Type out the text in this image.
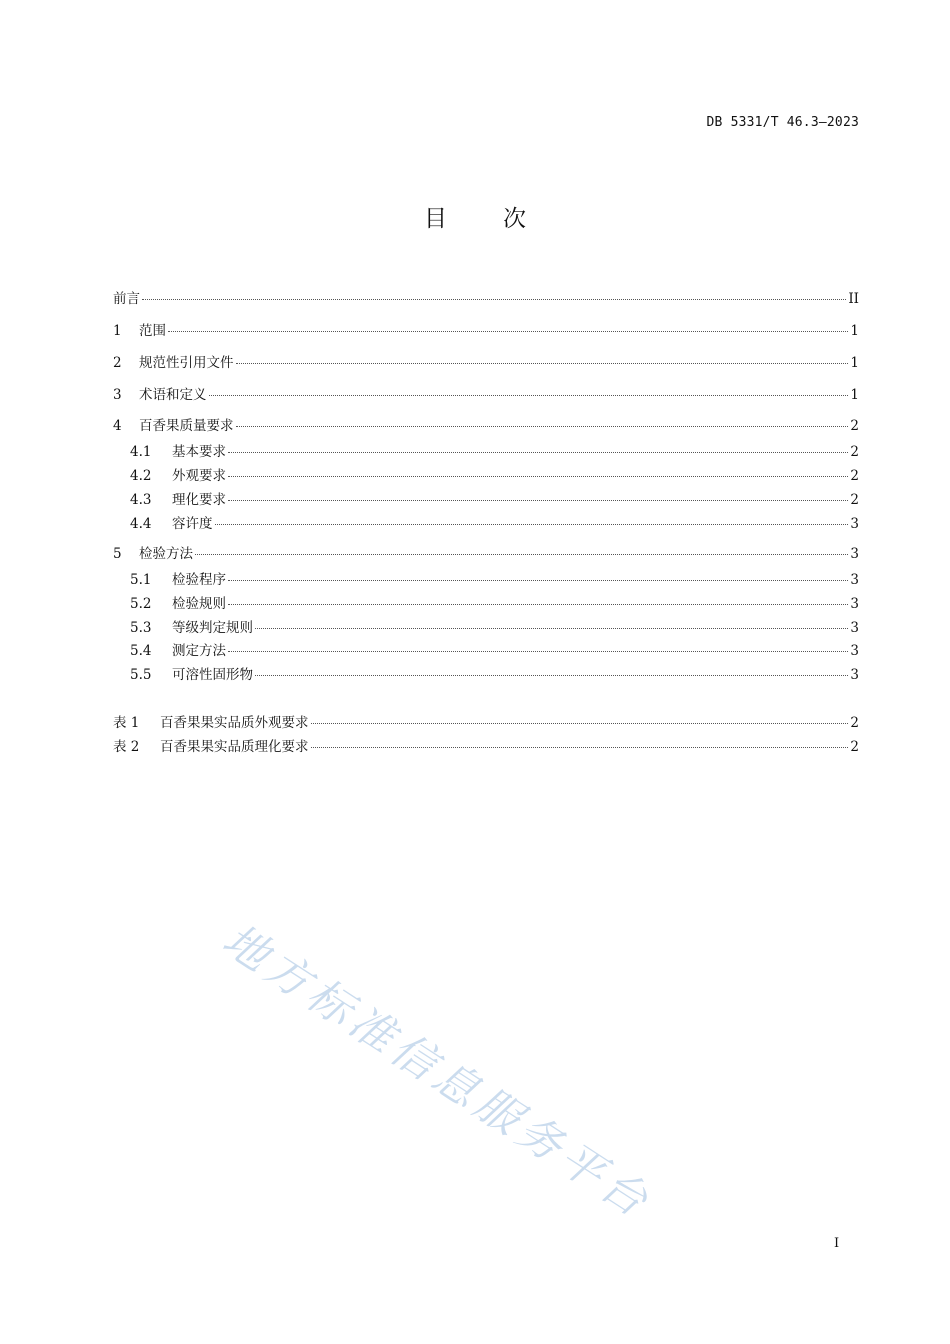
DB 5331/T 46.3—2023
目 次
前言	II
1	范围	1
2	规范性引用文件	1
3	术语和定义	1
4	百香果质量要求	2
4.1	基本要求	2
4.2	外观要求	2
4.3	理化要求	2
4.4	容许度	3
5	检验方法	3
5.1	检验程序	3
5.2	检验规则	3
5.3	等级判定规则	3
5.4	测定方法	3
5.5	可溶性固形物	3
表 1	百香果果实品质外观要求	2
表 2	百香果果实品质理化要求	2
地方标准信息服务平台
I
